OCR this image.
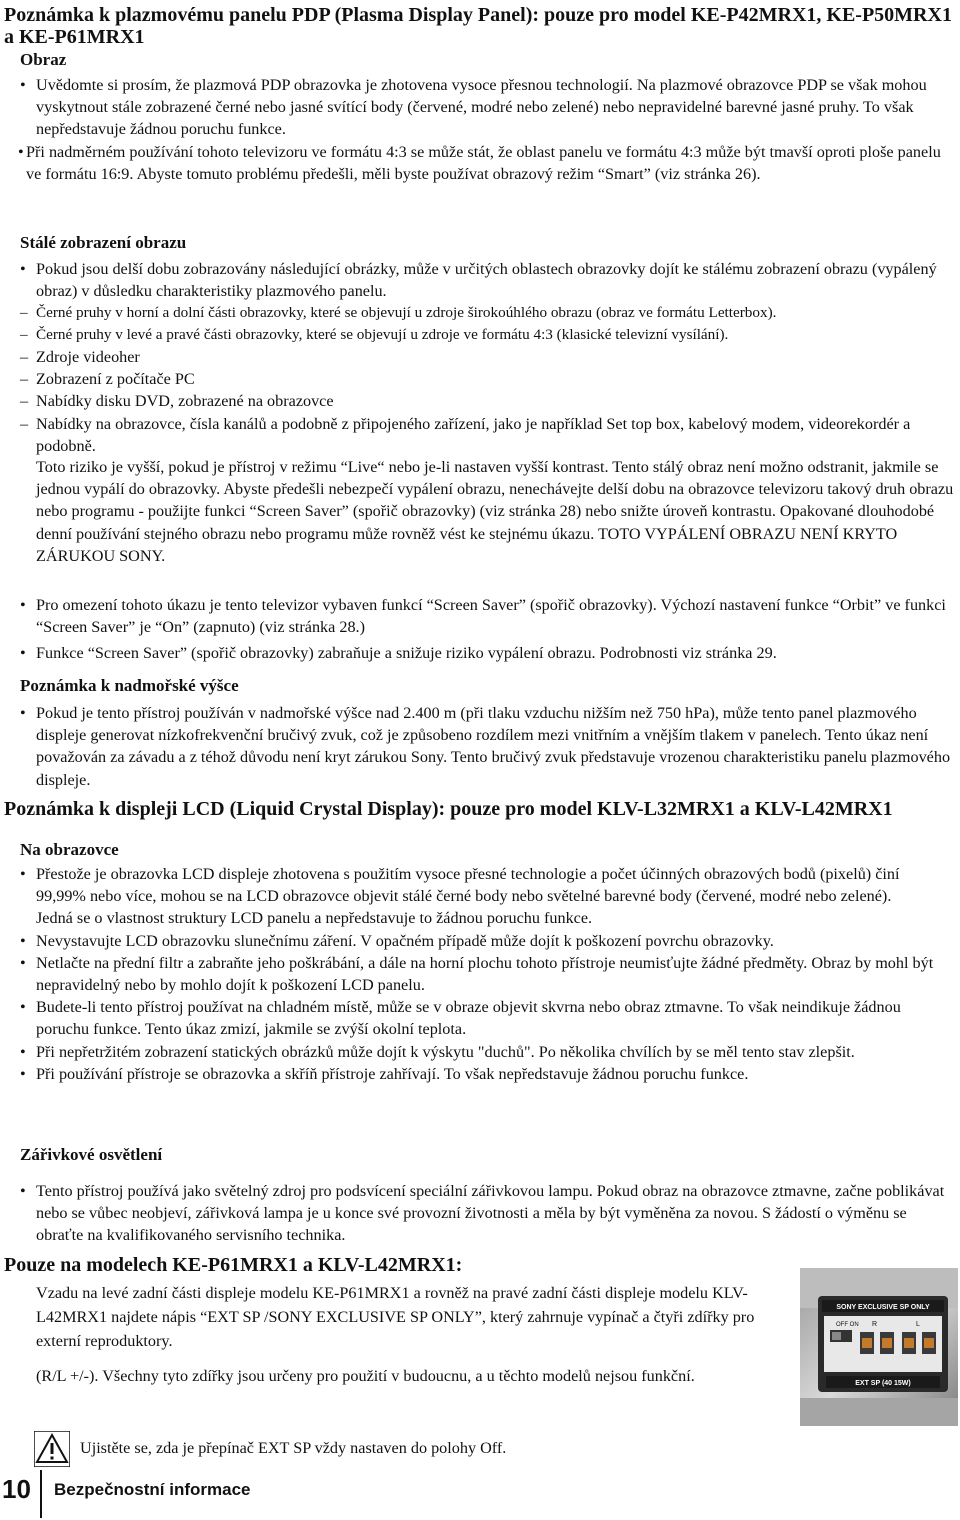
Poznámka k plazmovému panelu PDP (Plasma Display Panel): pouze pro model KE-P42MRX1, KE-P50MRX1 a KE-P61MRX1
Obraz
• Uvědomte si prosím, že plazmová PDP obrazovka je zhotovena vysoce přesnou technologií. Na plazmové obrazovce PDP se však mohou vyskytnout stále zobrazené černé nebo jasné svítící body (červené, modré nebo zelené) nebo nepravidelné barevné jasné pruhy. To však nepředstavuje žádnou poruchu funkce.
• Při nadměrném používání tohoto televizoru ve formátu 4:3 se může stát, že oblast panelu ve formátu 4:3 může být tmavší oproti ploše panelu ve formátu 16:9. Abyste tomuto problému předešli, měli byste používat obrazový režim “Smart” (viz stránka 26).
Stálé zobrazení obrazu
• Pokud jsou delší dobu zobrazovány následující obrázky, může v určitých oblastech obrazovky dojít ke stálému zobrazení obrazu (vypálený obraz) v důsledku charakteristiky plazmového panelu.
– Černé pruhy v horní a dolní části obrazovky, které se objevují u zdroje širokoúhlého obrazu (obraz ve formátu Letterbox).
– Černé pruhy v levé a pravé části obrazovky, které se objevují u zdroje ve formátu 4:3 (klasické televizní vysílání).
– Zdroje videoher
– Zobrazení z počítače PC
– Nabídky disku DVD, zobrazené na obrazovce
– Nabídky na obrazovce, čísla kanálů a podobně z připojeného zařízení, jako je například Set top box, kabelový modem, videorekordér a podobně.
Toto riziko je vyšší, pokud je přístroj v režimu “Live“ nebo je-li nastaven vyšší kontrast. Tento stálý obraz není možno odstranit, jakmile se jednou vypálí do obrazovky. Abyste předešli nebezpečí vypálení obrazu, nenechávejte delší dobu na obrazovce televizoru takový druh obrazu nebo programu - použijte funkci “Screen Saver” (spořič obrazovky) (viz stránka 28) nebo snižte úroveň kontrastu. Opakované dlouhodobé denní používání stejného obrazu nebo programu může rovněž vést ke stejnému úkazu. TOTO VYPÁLENÍ OBRAZU NENÍ KRYTO ZÁRUKOU SONY.
• Pro omezení tohoto úkazu je tento televizor vybaven funkcí “Screen Saver” (spořič obrazovky). Výchozí nastavení funkce “Orbit” ve funkci “Screen Saver” je “On” (zapnuto) (viz stránka 28.)
• Funkce “Screen Saver” (spořič obrazovky) zabraňuje a snižuje riziko vypálení obrazu. Podrobnosti viz stránka 29.
Poznámka k nadmořské výšce
• Pokud je tento přístroj používán v nadmořské výšce nad 2.400 m (při tlaku vzduchu nižším než 750 hPa), může tento panel plazmového displeje generovat nízkofrekvenční bručivý zvuk, což je způsobeno rozdílem mezi vnitřním a vnějším tlakem v panelech. Tento úkaz není považován za závadu a z téhož důvodu není kryt zárukou Sony. Tento bručivý zvuk představuje vrozenou charakteristiku panelu plazmového displeje.
Poznámka k displeji LCD (Liquid Crystal Display): pouze pro model KLV-L32MRX1 a KLV-L42MRX1
Na obrazovce
• Přestože je obrazovka LCD displeje zhotovena s použitím vysoce přesné technologie a počet účinných obrazových bodů (pixelů) činí 99,99% nebo více, mohou se na LCD obrazovce objevit stálé černé body nebo světelné barevné body (červené, modré nebo zelené). Jedná se o vlastnost struktury LCD panelu a nepředstavuje to žádnou poruchu funkce.
• Nevystavujte LCD obrazovku slunečnímu záření. V opačném případě může dojít k poškození povrchu obrazovky.
• Netlačte na přední filtr a zabraňte jeho poškrábání, a dále na horní plochu tohoto přístroje neumisťujte žádné předměty. Obraz by mohl být nepravidelný nebo by mohlo dojít k poškození LCD panelu.
• Budete-li tento přístroj používat na chladném místě, může se v obraze objevit skvrna nebo obraz ztmavne. To však neindikuje žádnou poruchu funkce. Tento úkaz zmizí, jakmile se zvýší okolní teplota.
• Při nepřetržitém zobrazení statických obrázků může dojít k výskytu "duchů". Po několika chvílích by se měl tento stav zlepšit.
• Při používání přístroje se obrazovka a skříň přístroje zahřívají. To však nepředstavuje žádnou poruchu funkce.
Zářivkové osvětlení
• Tento přístroj používá jako světelný zdroj pro podsvícení speciální zářivkovou lampu. Pokud obraz na obrazovce ztmavne, začne poblikávat nebo se vůbec neobjeví, zářivková lampa je u konce své provozní životnosti a měla by být vyměněna za novou. S žádostí o výměnu se obraťte na kvalifikovaného servisního technika.
Pouze na modelech KE-P61MRX1 a KLV-L42MRX1:
Vzadu na levé zadní části displeje modelu KE-P61MRX1 a rovněž na pravé zadní části displeje modelu KLV-L42MRX1 najdete nápis “EXT SP /SONY EXCLUSIVE SP ONLY”, který zahrnuje vypínač a čtyři zdířky pro externí reproduktory.
(R/L +/-). Všechny tyto zdířky jsou určeny pro použití v budoucnu, a u těchto modelů nejsou funkční.
SONY EXCLUSIVE SP ONLY
OFF ON R	L
EXT SP (40 15W)
Ujistěte se, zda je přepínač EXT SP vždy nastaven do polohy Off.
10 Bezpečnostní informace
